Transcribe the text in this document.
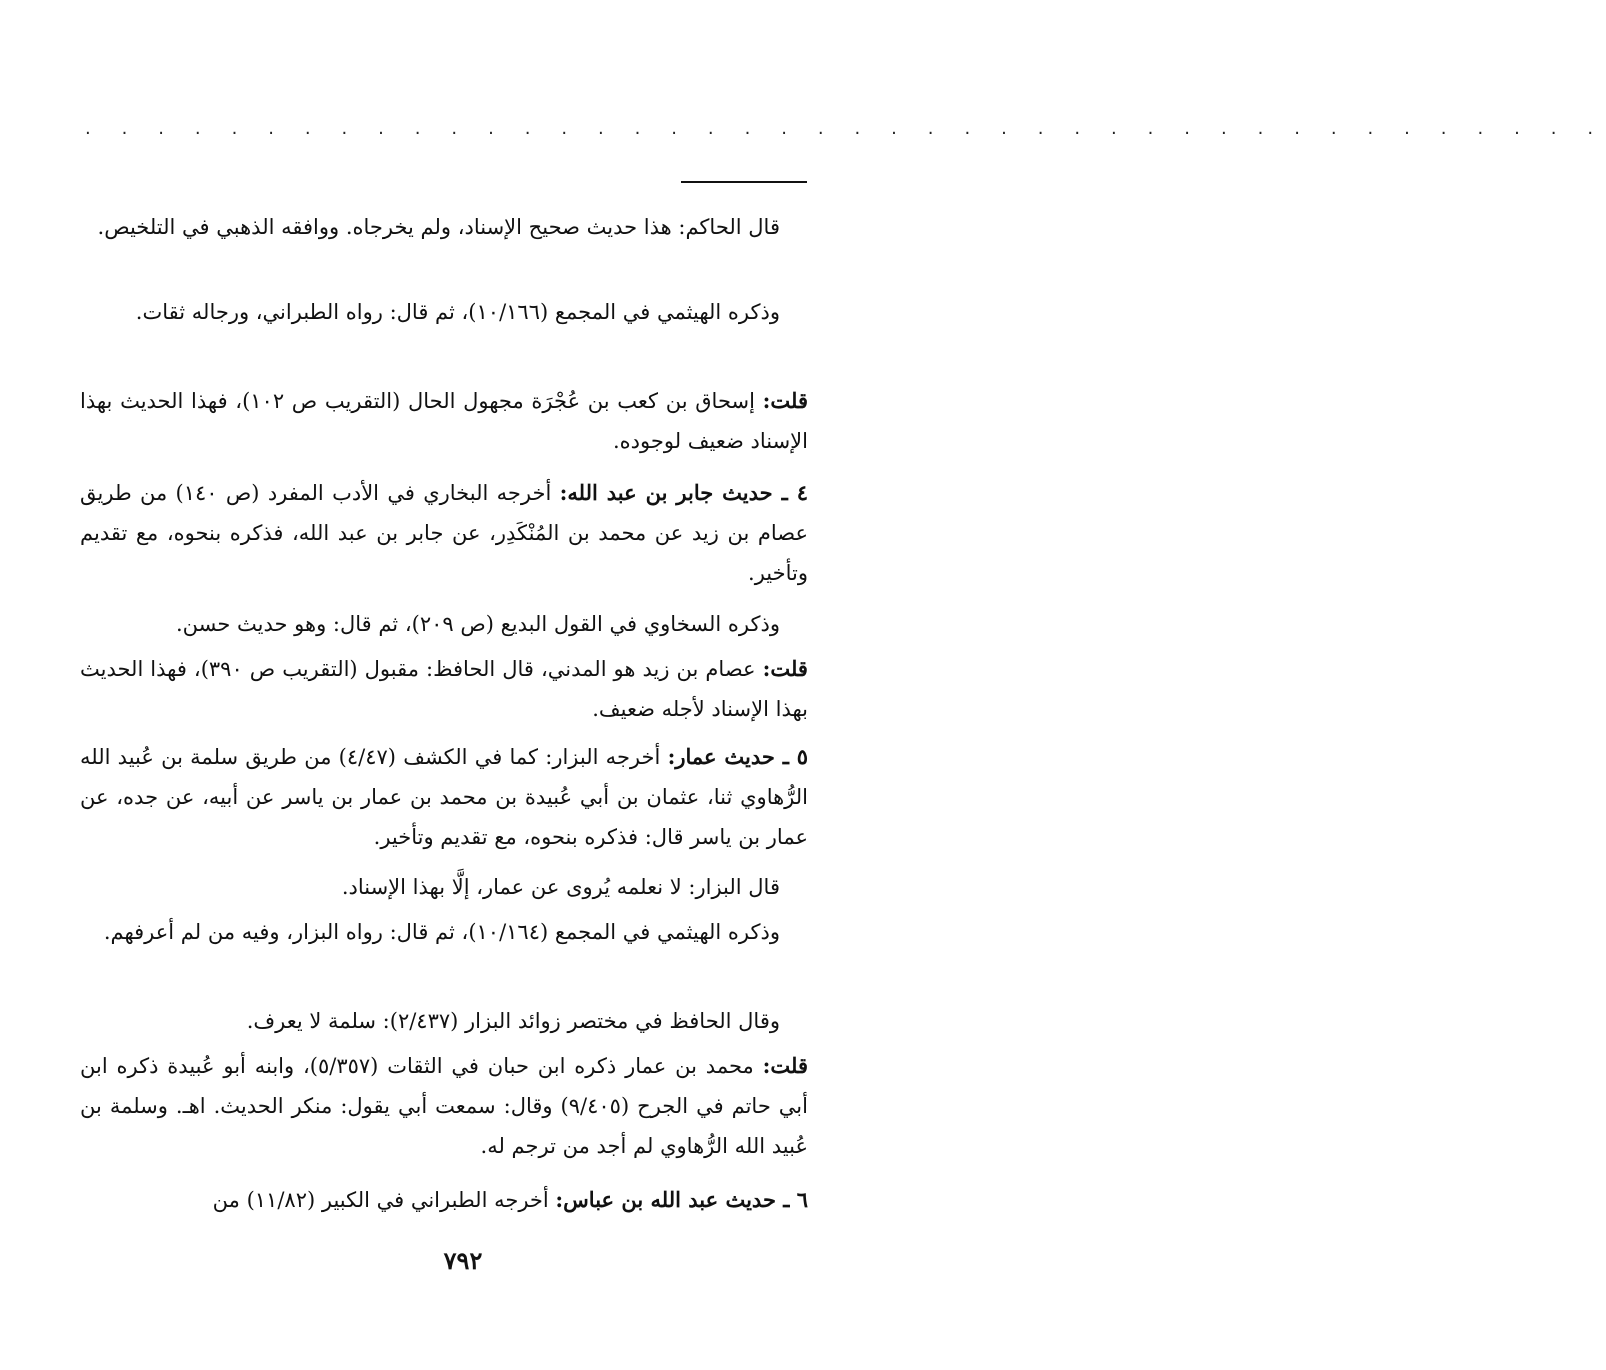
. . . . . . . . . . . . . . . . . . . . . . . . . . . . . . . . . . . . . . . . . .
قال الحاكم: هذا حديث صحيح الإسناد، ولم يخرجاه. ووافقه الذهبي في التلخيص.
وذكره الهيثمي في المجمع (١٠/١٦٦)، ثم قال: رواه الطبراني، ورجاله ثقات.
قلت: إسحاق بن كعب بن عُجْرَة مجهول الحال (التقريب ص ١٠٢)، فهذا الحديث بهذا الإسناد ضعيف لوجوده.
٤ ـ حديث جابر بن عبد الله: أخرجه البخاري في الأدب المفرد (ص ١٤٠) من طريق عصام بن زيد عن محمد بن المُنْكَدِر، عن جابر بن عبد الله، فذكره بنحوه، مع تقديم وتأخير.
وذكره السخاوي في القول البديع (ص ٢٠٩)، ثم قال: وهو حديث حسن.
قلت: عصام بن زيد هو المدني، قال الحافظ: مقبول (التقريب ص ٣٩٠)، فهذا الحديث بهذا الإسناد لأجله ضعيف.
٥ ـ حديث عمار: أخرجه البزار: كما في الكشف (٤/٤٧) من طريق سلمة بن عُبيد الله الرُّهاوي ثنا، عثمان بن أبي عُبيدة بن محمد بن عمار بن ياسر عن أبيه، عن جده، عن عمار بن ياسر قال: فذكره بنحوه، مع تقديم وتأخير.
قال البزار: لا نعلمه يُروى عن عمار، إلَّا بهذا الإسناد.
وذكره الهيثمي في المجمع (١٠/١٦٤)، ثم قال: رواه البزار، وفيه من لم أعرفهم.
وقال الحافظ في مختصر زوائد البزار (٢/٤٣٧): سلمة لا يعرف.
قلت: محمد بن عمار ذكره ابن حبان في الثقات (٥/٣٥٧)، وابنه أبو عُبيدة ذكره ابن أبي حاتم في الجرح (٩/٤٠٥) وقال: سمعت أبي يقول: منكر الحديث. اهـ. وسلمة بن عُبيد الله الرُّهاوي لم أجد من ترجم له.
٦ ـ حديث عبد الله بن عباس: أخرجه الطبراني في الكبير (١١/٨٢) من
٧٩٢
